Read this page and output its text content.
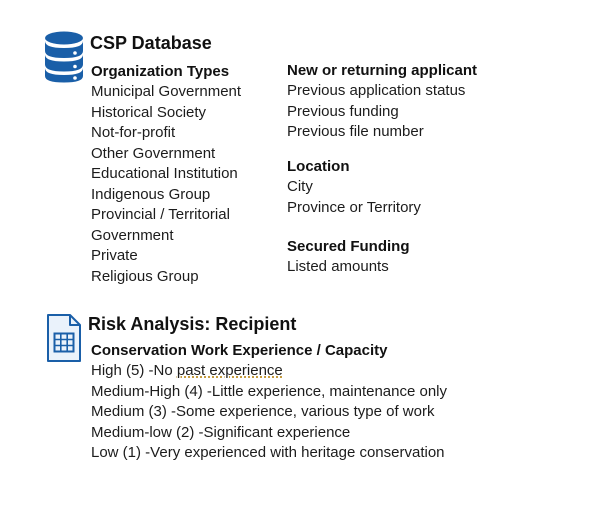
CSP Database
Organization Types
Municipal Government
Historical Society
Not-for-profit
Other Government
Educational Institution
Indigenous Group
Provincial / Territorial
Government
Private
Religious Group
New or returning applicant
Previous application status
Previous funding
Previous file number
Location
City
Province or Territory
Secured Funding
Listed amounts
Risk Analysis: Recipient
Conservation Work Experience / Capacity
High (5) -No past experience
Medium-High (4) -Little experience, maintenance only
Medium (3) -Some experience, various type of work
Medium-low (2) -Significant experience
Low (1) -Very experienced with heritage conservation
